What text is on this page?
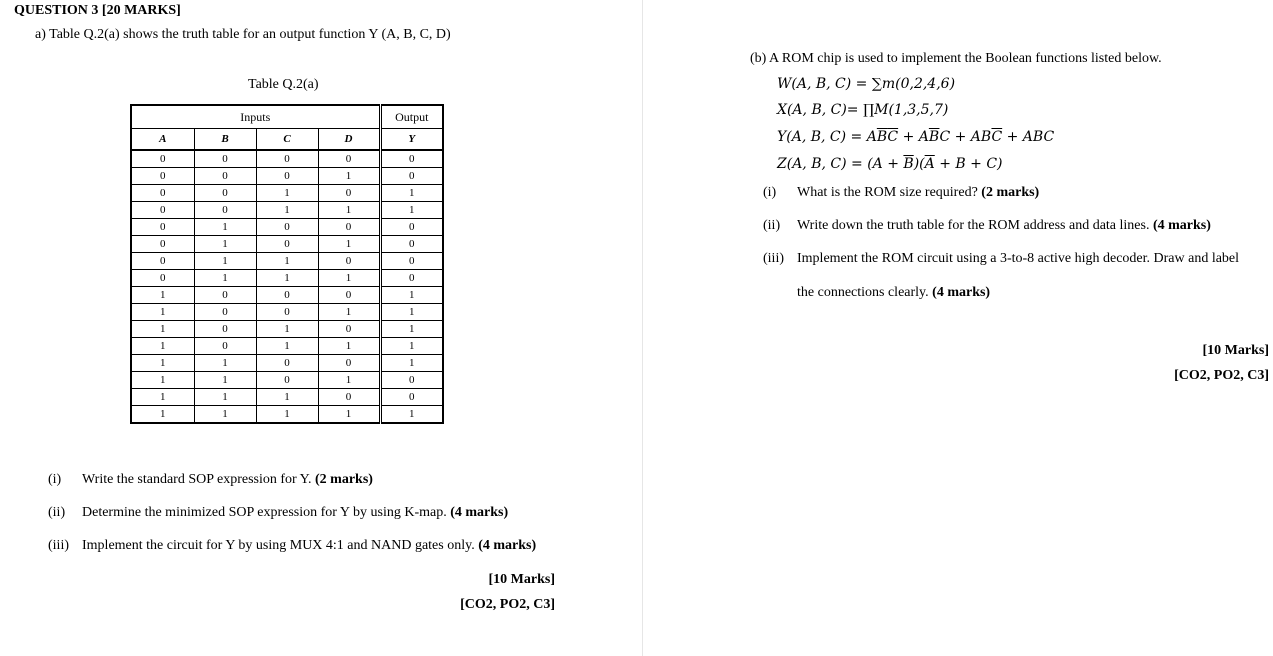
QUESTION 3 [20 MARKS]
a) Table Q.2(a) shows the truth table for an output function Y (A, B, C, D)
Table Q.2(a)
Inputs				Output
A	B	C	D	Y
0	0	0	0	0
0	0	0	1	0
0	0	1	0	1
0	0	1	1	1
0	1	0	0	0
0	1	0	1	0
0	1	1	0	0
0	1	1	1	0
1	0	0	0	1
1	0	0	1	1
1	0	1	0	1
1	0	1	1	1
1	1	0	0	1
1	1	0	1	0
1	1	1	0	0
1	1	1	1	1
(i) Write the standard SOP expression for Y. (2 marks)
(ii) Determine the minimized SOP expression for Y by using K-map. (4 marks)
(iii) Implement the circuit for Y by using MUX 4:1 and NAND gates only. (4 marks)
[10 Marks]
[CO2, PO2, C3]
(b) A ROM chip is used to implement the Boolean functions listed below.
W(A, B, C) = ∑m(0,2,4,6)
X(A, B, C)= ∏M(1,3,5,7)
Y(A, B, $C) = A\overline{B}\overline{C} + A\overline{B}C + AB\overline{C}$ + ABC
Z(A, B, $C) = (A + \overline{B})(\overline{A} + B + C)$
(i) What is the ROM size required? (2 marks)
(ii) Write down the truth table for the ROM address and data lines. (4 marks)
(iii) Implement the ROM circuit using a 3-to-8 active high decoder. Draw and label
the connections clearly. (4 marks)
[10 Marks]
[CO2, PO2, C3]
